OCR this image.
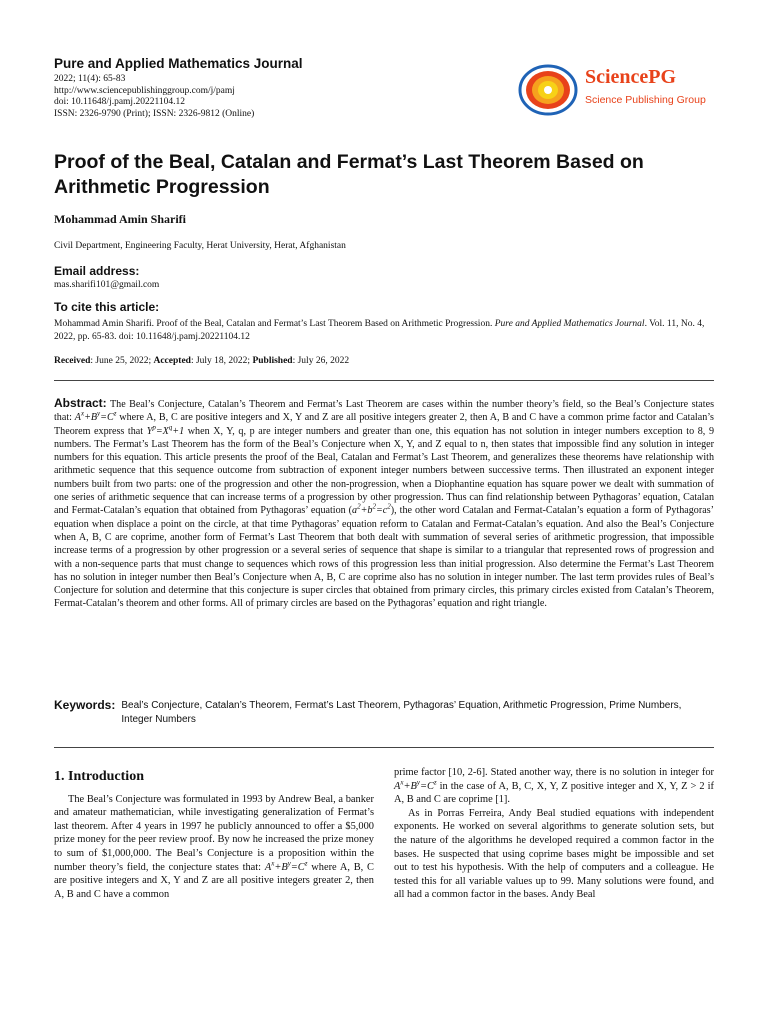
Pure and Applied Mathematics Journal
2022; 11(4): 65-83
http://www.sciencepublishinggroup.com/j/pamj
doi: 10.11648/j.pamj.20221104.12
ISSN: 2326-9790 (Print); ISSN: 2326-9812 (Online)
SciencePG
Science Publishing Group
Proof of the Beal, Catalan and Fermat’s Last Theorem Based on Arithmetic Progression
Mohammad Amin Sharifi
Civil Department, Engineering Faculty, Herat University, Herat, Afghanistan
Email address:
mas.sharifi101@gmail.com
To cite this article:
Mohammad Amin Sharifi. Proof of the Beal, Catalan and Fermat’s Last Theorem Based on Arithmetic Progression. Pure and Applied Mathematics Journal. Vol. 11, No. 4, 2022, pp. 65-83. doi: 10.11648/j.pamj.20221104.12
Received: June 25, 2022; Accepted: July 18, 2022; Published: July 26, 2022
Abstract: The Beal’s Conjecture, Catalan’s Theorem and Fermat’s Last Theorem are cases within the number theory’s field, so the Beal’s Conjecture states that: $A^x+B^y=C^z$ where A, B, C are positive integers and X, Y and Z are all positive integers greater 2, then A, B and C have a common prime factor and Catalan’s Theorem express that $Y^p=X^q+1$ when X, Y, q, p are integer numbers and greater than one, this equation has not solution in integer numbers exception to 8, 9 numbers. The Fermat’s Last Theorem has the form of the Beal’s Conjecture when X, Y, and Z equal to n, then states that impossible find any solution in integer numbers for this equation. This article presents the proof of the Beal, Catalan and Fermat’s Last Theorem, and generalizes these theorems have relationship with arithmetic sequence that this sequence outcome from subtraction of exponent integer numbers between successive terms. Then illustrated an exponent integer numbers built from two parts: one of the progression and other the non-progression, when a Diophantine equation has square power we dealt with summation of one series of arithmetic sequence that can increase terms of a progression by other progression. Thus can find relationship between Pythagoras’ equation, Catalan and Fermat-Catalan’s equation that obtained from Pythagoras’ equation $(a^2+b^2=c^2)$, the other word Catalan and Fermat-Catalan’s equation a form of Pythagoras’ equation when displace a point on the circle, at that time Pythagoras’ equation reform to Catalan and Fermat-Catalan’s equation. And also the Beal’s Conjecture when A, B, C are coprime, another form of Fermat’s Last Theorem that both dealt with summation of several series of arithmetic progression, that impossible increase terms of a progression by other progression or a several series of sequence that shape is similar to a triangular that represented rows of progression and with a non-sequence parts that must change to sequences which rows of this progression less than initial progression. Also determine the Fermat’s Last Theorem has no solution in integer number then Beal’s Conjecture when A, B, C are coprime also has no solution in integer number. The last term provides rules of Beal’s Conjecture for solution and determine that this conjecture is super circles that obtained from primary circles, this primary circles existed from Catalan’s Theorem, Fermat-Catalan’s theorem and other forms. All of primary circles are based on the Pythagoras’ equation and right triangle.
Keywords: Beal’s Conjecture, Catalan’s Theorem, Fermat’s Last Theorem, Pythagoras’ Equation, Arithmetic Progression, Prime Numbers, Integer Numbers
1. Introduction

The Beal’s Conjecture was formulated in 1993 by Andrew Beal, a banker and amateur mathematician, while investigating generalization of Fermat’s last theorem. After 4 years in 1997 he publicly announced to offer a $5,000 prize money for the peer review proof. By now he increased the prize money to sum of $1,000,000. The Beal’s Conjecture is a proposition within the number theory’s field, the conjecture states that: $A^x+B^y=C^z$ where A, B, C are positive integers and X, Y and Z are all positive integers greater 2, then A, B and C have a common

prime factor [10, 2-6]. Stated another way, there is no solution in integer for $A^x+B^y=C^z$ in the case of A, B, C, X, Y, Z positive integer and X, Y, Z > 2 if A, B and C are coprime [1].

As in Porras Ferreira, Andy Beal studied equations with independent exponents. He worked on several algorithms to generate solution sets, but the nature of the algorithms he developed required a common factor in the bases. He suspected that using coprime bases might be impossible and set out to test his hypothesis. With the help of computers and a colleague. He tested this for all variable values up to 99. Many solutions were found, and all had a common factor in the bases. Andy Beal
